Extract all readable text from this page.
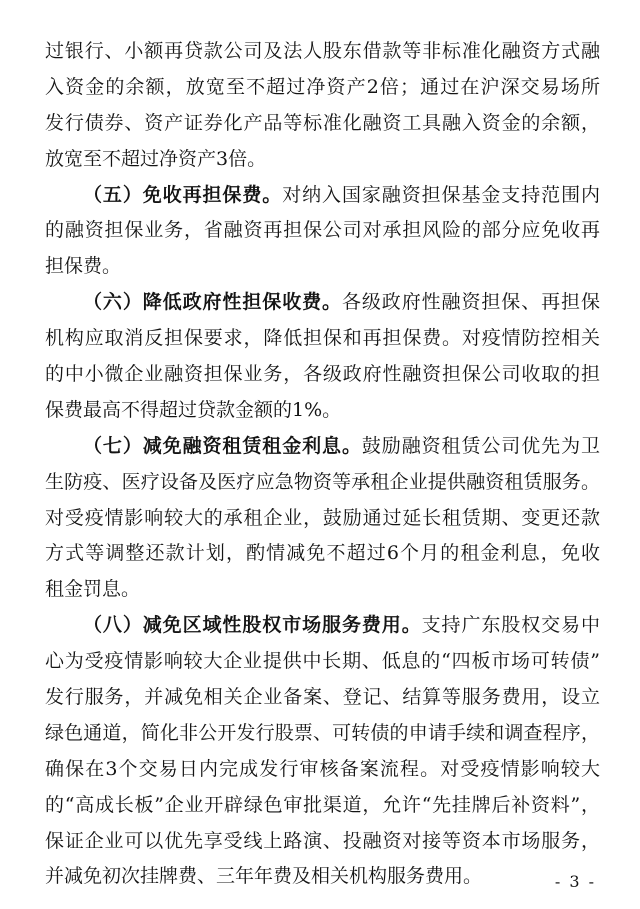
过银行、小额再贷款公司及法人股东借款等非标准化融资方式融
入资金的余额，放宽至不超过净资产2倍；通过在沪深交易场所
发行债券、资产证券化产品等标准化融资工具融入资金的余额，
放宽至不超过净资产3倍。
（五）免收再担保费。对纳入国家融资担保基金支持范围内
的融资担保业务，省融资再担保公司对承担风险的部分应免收再
担保费。
（六）降低政府性担保收费。各级政府性融资担保、再担保
机构应取消反担保要求，降低担保和再担保费。对疫情防控相关
的中小微企业融资担保业务，各级政府性融资担保公司收取的担
保费最高不得超过贷款金额的1%。
（七）减免融资租赁租金利息。鼓励融资租赁公司优先为卫
生防疫、医疗设备及医疗应急物资等承租企业提供融资租赁服务。
对受疫情影响较大的承租企业，鼓励通过延长租赁期、变更还款
方式等调整还款计划，酌情减免不超过6个月的租金利息，免收
租金罚息。
（八）减免区域性股权市场服务费用。支持广东股权交易中
心为受疫情影响较大企业提供中长期、低息的“四板市场可转债”
发行服务，并减免相关企业备案、登记、结算等服务费用，设立
绿色通道，简化非公开发行股票、可转债的申请手续和调查程序，
确保在3个交易日内完成发行审核备案流程。对受疫情影响较大
的“高成长板”企业开辟绿色审批渠道，允许“先挂牌后补资料”，
保证企业可以优先享受线上路演、投融资对接等资本市场服务，
并减免初次挂牌费、三年年费及相关机构服务费用。	- 3 -
